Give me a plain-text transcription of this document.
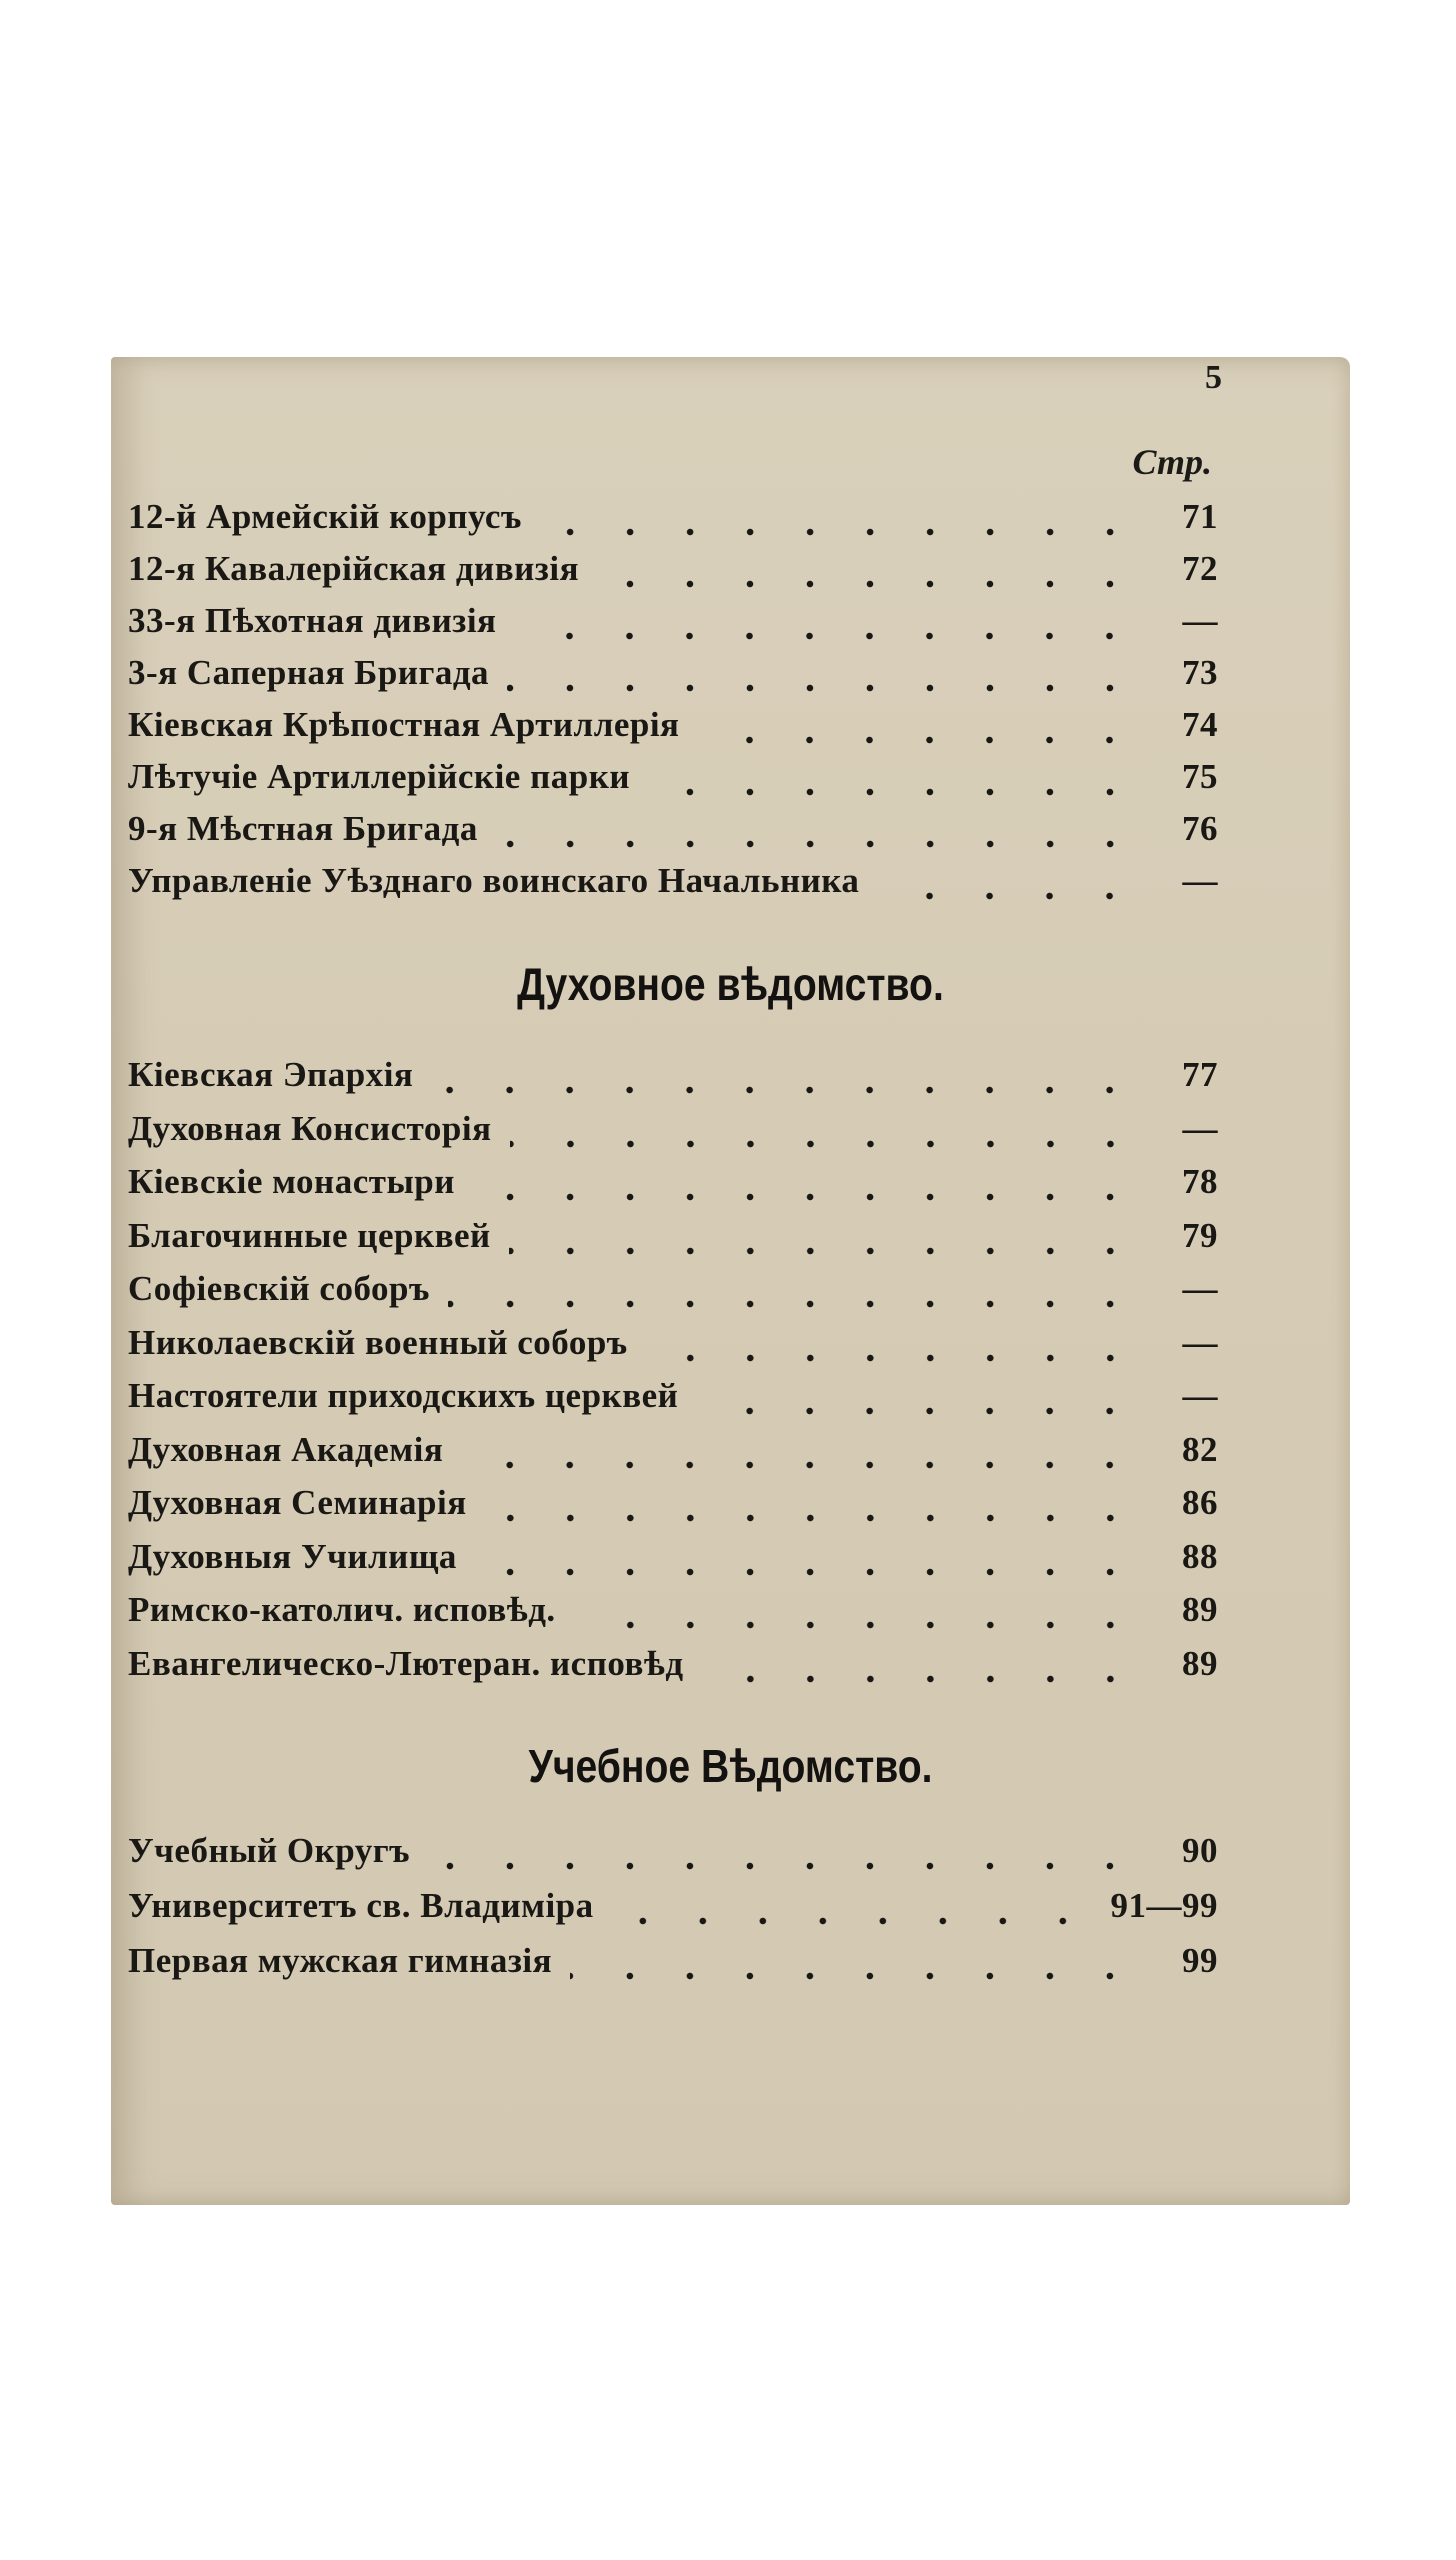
5
Стр.
12-й Армейскій корпусъ	71
12-я Кавалерійская дивизія	72
33-я Пѣхотная дивизія	—
3-я Саперная Бригада	73
Кіевская Крѣпостная Артиллерія	74
Лѣтучіе Артиллерійскіе парки	75
9-я Мѣстная Бригада	76
Управленіе Уѣзднаго воинскаго Начальника	—
Духовное вѣдомство.
Кіевская Эпархія	77
Духовная Консисторія	—
Кіевскіе монастыри	78
Благочинные церквей	79
Софіевскій соборъ	—
Николаевскій военный соборъ	—
Настоятели приходскихъ церквей	—
Духовная Академія	82
Духовная Семинарія	86
Духовныя Училища	88
Римско-католич. исповѣд.	89
Евангелическо-Лютеран. исповѣд	89
Учебное Вѣдомство.
Учебный Округъ	90
Университетъ св. Владиміра	91—99
Первая мужская гимназія	99
